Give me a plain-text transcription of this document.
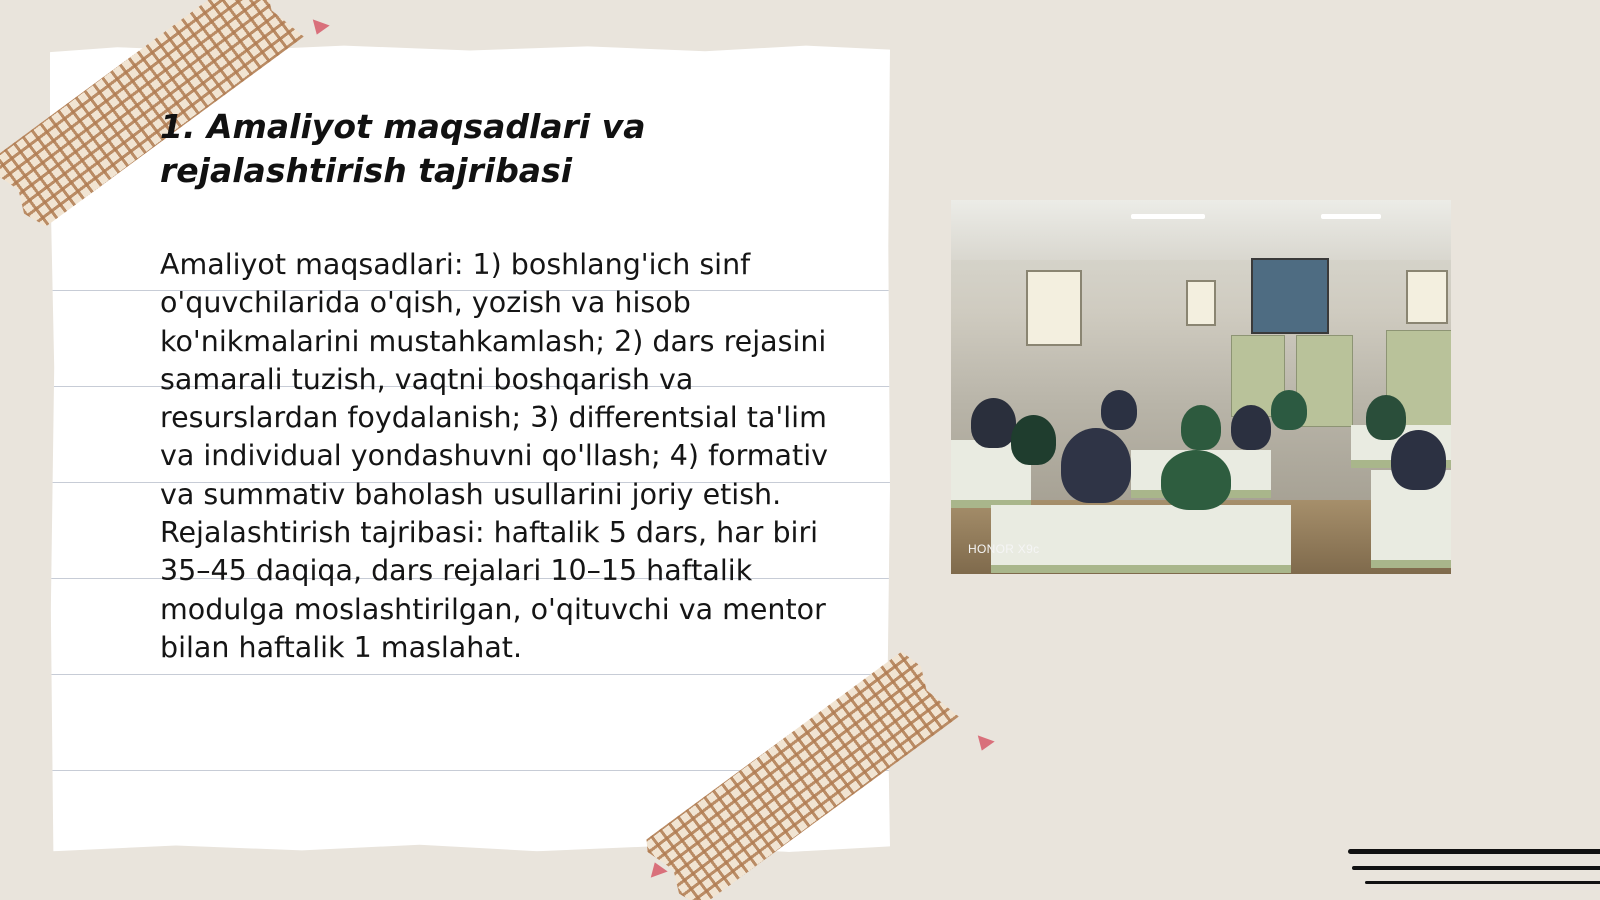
1. Amaliyot maqsadlari va rejalashtirish tajribasi

Amaliyot maqsadlari: 1) boshlang'ich sinf o'quvchilarida o'qish, yozish va hisob ko'nikmalarini mustahkamlash; 2) dars rejasini samarali tuzish, vaqtni boshqarish va resurslardan foydalanish; 3) differentsial ta'lim va individual yondashuvni qo'llash; 4) formativ va summativ baholash usullarini joriy etish. Rejalashtirish tajribasi: haftalik 5 dars, har biri 35–45 daqiqa, dars rejalari 10–15 haftalik modulga moslashtirilgan, o'qituvchi va mentor bilan haftalik 1 maslahat.

HONOR X9c
